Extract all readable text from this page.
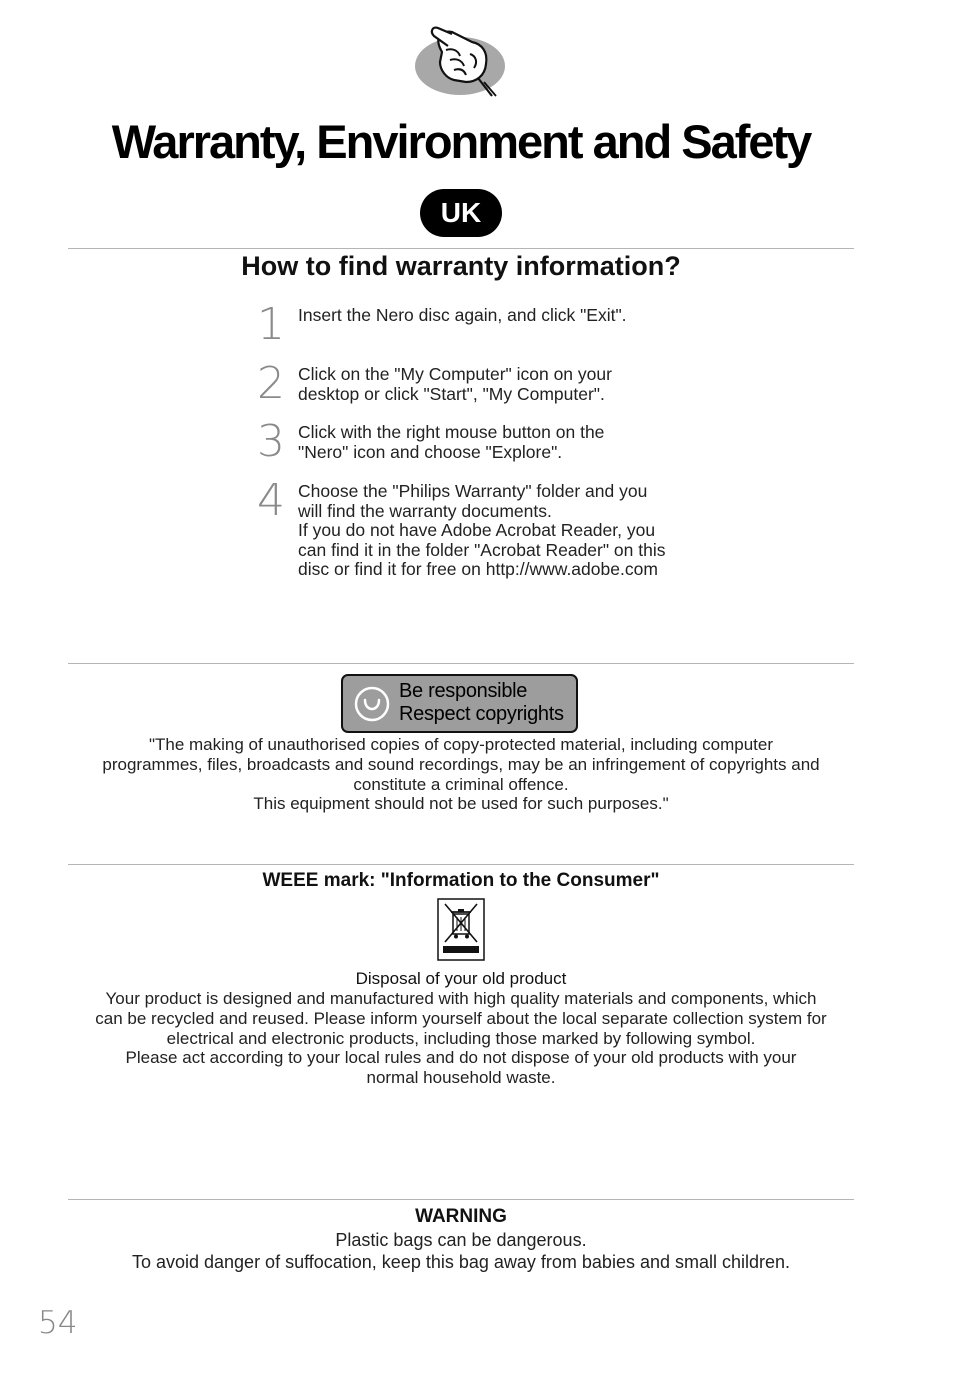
Warranty, Environment and Safety
UK
How to find warranty information?
1 Insert the Nero disc again, and click "Exit".
2 Click on the "My Computer" icon on your
desktop or click "Start", "My Computer".
3 Click with the right mouse button on the
"Nero" icon and choose "Explore".
4 Choose the "Philips Warranty" folder and you
will find the warranty documents.
If you do not have Adobe Acrobat Reader, you
can find it in the folder "Acrobat Reader" on this
disc or find it for free on http://www.adobe.com
Be responsible
Respect copyrights
"The making of unauthorised copies of copy-protected material, including computer
programmes, files, broadcasts and sound recordings, may be an infringement of copyrights and
constitute a criminal offence.
This equipment should not be used for such purposes."
WEEE mark: "Information to the Consumer"
Disposal of your old product
Your product is designed and manufactured with high quality materials and components, which
can be recycled and reused. Please inform yourself about the local separate collection system for
electrical and electronic products, including those marked by following symbol.
Please act according to your local rules and do not dispose of your old products with your
normal household waste.
WARNING
Plastic bags can be dangerous.
To avoid danger of suffocation, keep this bag away from babies and small children.
54
